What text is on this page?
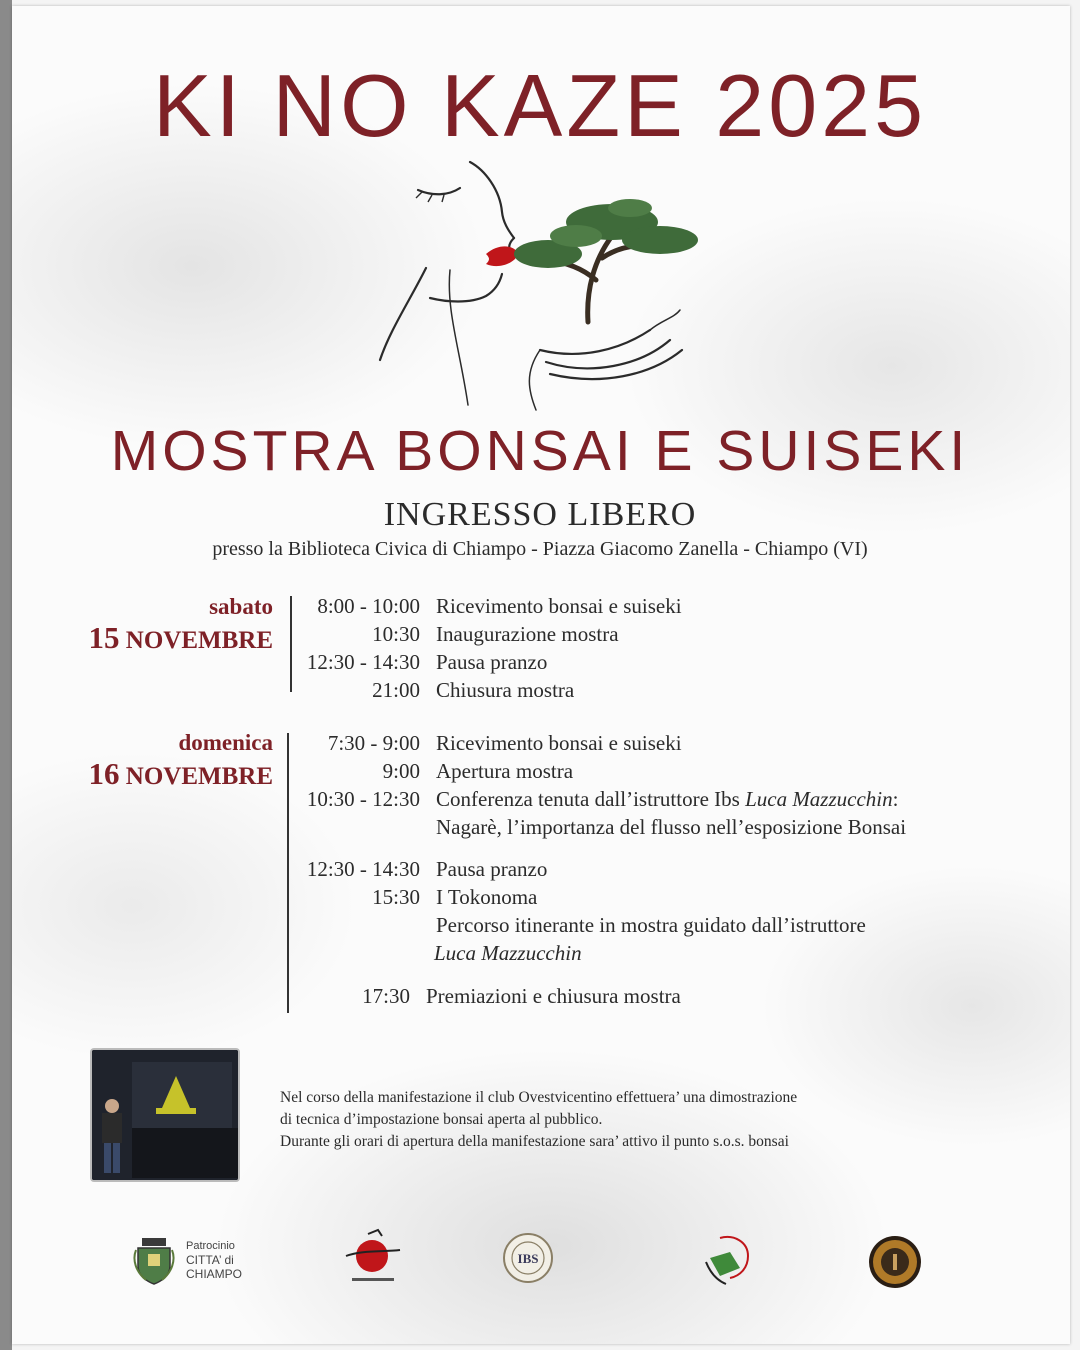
KI NO KAZE 2025
MOSTRA BONSAI E SUISEKI
INGRESSO LIBERO
presso la Biblioteca Civica di Chiampo - Piazza Giacomo Zanella - Chiampo (VI)
sabato
15 NOVEMBRE
8:00 - 10:00 Ricevimento bonsai e suiseki
10:30 Inaugurazione mostra
12:30 - 14:30 Pausa pranzo
21:00 Chiusura mostra
domenica
16 NOVEMBRE
7:30 - 9:00 Ricevimento bonsai e suiseki
9:00 Apertura mostra
10:30 - 12:30 Conferenza tenuta dall’istruttore Ibs Luca Mazzucchin:
Nagarè, l’importanza del flusso nell’esposizione Bonsai
12:30 - 14:30 Pausa pranzo
15:30 I Tokonoma
Percorso itinerante in mostra guidato dall’istruttore
Luca Mazzucchin
17:30 Premiazioni e chiusura mostra
Nel corso della manifestazione il club Ovestvicentino effettuera’ una dimostrazione
di tecnica d’impostazione bonsai aperta al pubblico.
Durante gli orari di apertura della manifestazione sara’ attivo il punto s.o.s. bonsai
Patrocinio
CITTA’ di
CHIAMPO
IBS
